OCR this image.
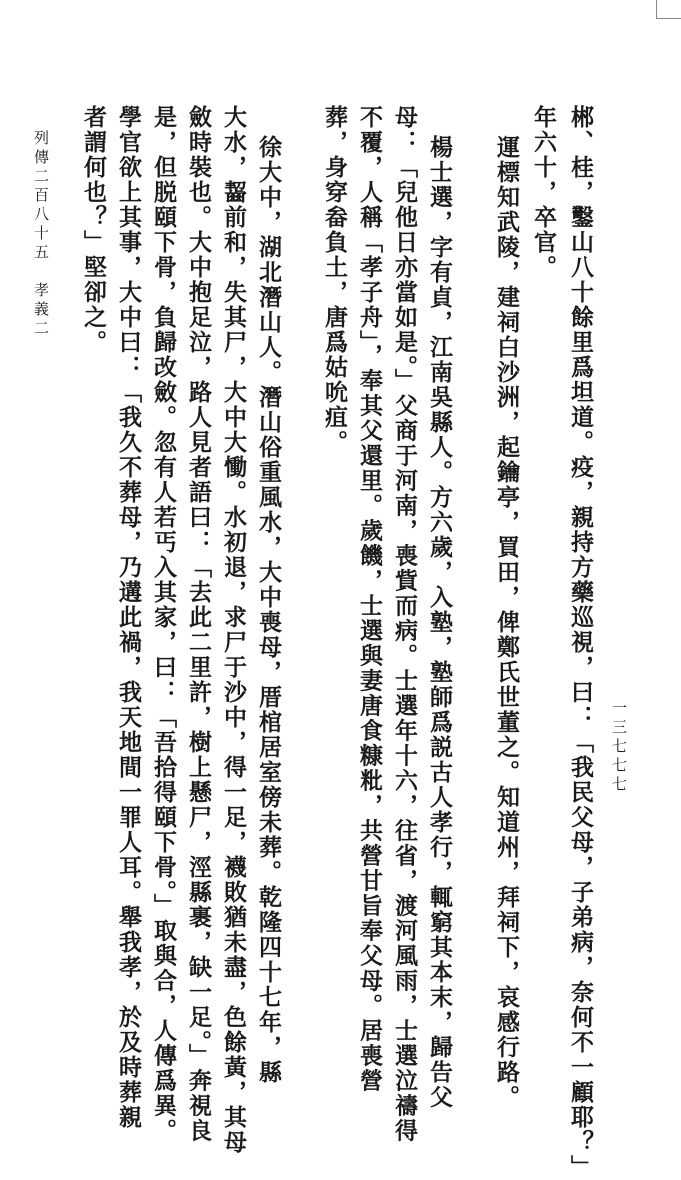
郴、桂，鑿山八十餘里爲坦道。疫，親持方藥巡視，曰：「我民父母，子弟病，奈何不一顧耶？」
年六十，卒官。
運標知武陵，建祠白沙洲，起鑰亭，買田，俾鄭氏世董之。知道州，拜祠下，哀感行路。
楊士選，字有貞，江南吳縣人。方六歲，入塾，塾師爲説古人孝行，輒窮其本末，歸告父
母：「兒他日亦當如是。」父商于河南，喪貲而病。士選年十六，往省，渡河風雨，士選泣禱得
不覆，人稱「孝子舟」，奉其父還里。歲饑，士選與妻唐食糠粃，共營甘旨奉父母。居喪營
葬，身穿畚負土，唐爲姑吮疽。
徐大中，湖北潛山人。潛山俗重風水，大中喪母，厝棺居室傍未葬。乾隆四十七年，縣
大水，齧前和，失其尸，大中大慟。水初退，求尸于沙中，得一足，襪敗猶未盡，色餘黃，其母
斂時裝也。大中抱足泣，路人見者語曰：「去此二里許，樹上懸尸，涇縣裹，缺一足。」奔視良
是，但脱頤下骨，負歸改斂。忽有人若丐入其家，曰：「吾拾得頤下骨。」取與合，人傳爲異。
學官欲上其事，大中曰：「我久不葬母，乃遘此禍，我天地間一罪人耳。舉我孝，於及時葬親
者謂何也？」堅卻之。
列傳二百八十五　孝義二
一三七七七
